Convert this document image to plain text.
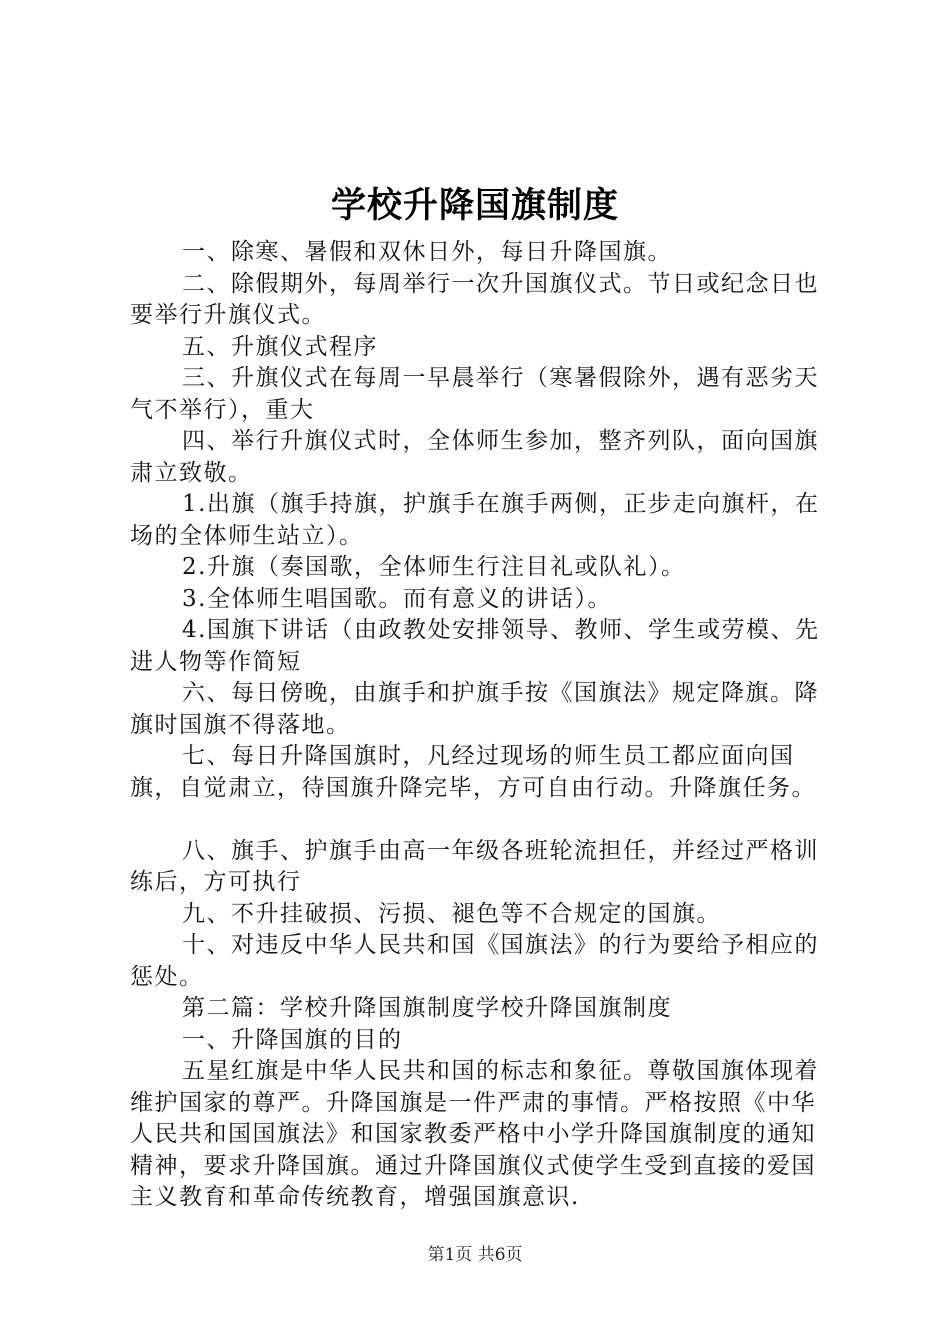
学校升降国旗制度

一、除寒、暑假和双休日外，每日升降国旗。

二、除假期外，每周举行一次升国旗仪式。节日或纪念日也要举行升旗仪式。

五、升旗仪式程序

三、升旗仪式在每周一早晨举行（寒暑假除外，遇有恶劣天气不举行），重大

四、举行升旗仪式时，全体师生参加，整齐列队，面向国旗肃立致敬。

1.出旗（旗手持旗，护旗手在旗手两侧，正步走向旗杆，在场的全体师生站立）。

2.升旗（奏国歌，全体师生行注目礼或队礼）。

3.全体师生唱国歌。而有意义的讲话）。

4.国旗下讲话（由政教处安排领导、教师、学生或劳模、先进人物等作简短

六、每日傍晚，由旗手和护旗手按《国旗法》规定降旗。降旗时国旗不得落地。

七、每日升降国旗时，凡经过现场的师生员工都应面向国旗，自觉肃立，待国旗升降完毕，方可自由行动。升降旗任务。

八、旗手、护旗手由高一年级各班轮流担任，并经过严格训练后，方可执行

九、不升挂破损、污损、褪色等不合规定的国旗。

十、对违反中华人民共和国《国旗法》的行为要给予相应的惩处。

第二篇：学校升降国旗制度学校升降国旗制度

一、升降国旗的目的

五星红旗是中华人民共和国的标志和象征。尊敬国旗体现着维护国家的尊严。升降国旗是一件严肃的事情。严格按照《中华人民共和国国旗法》和国家教委严格中小学升降国旗制度的通知精神，要求升降国旗。通过升降国旗仪式使学生受到直接的爱国主义教育和革命传统教育，增强国旗意识.

第1页 共6页
